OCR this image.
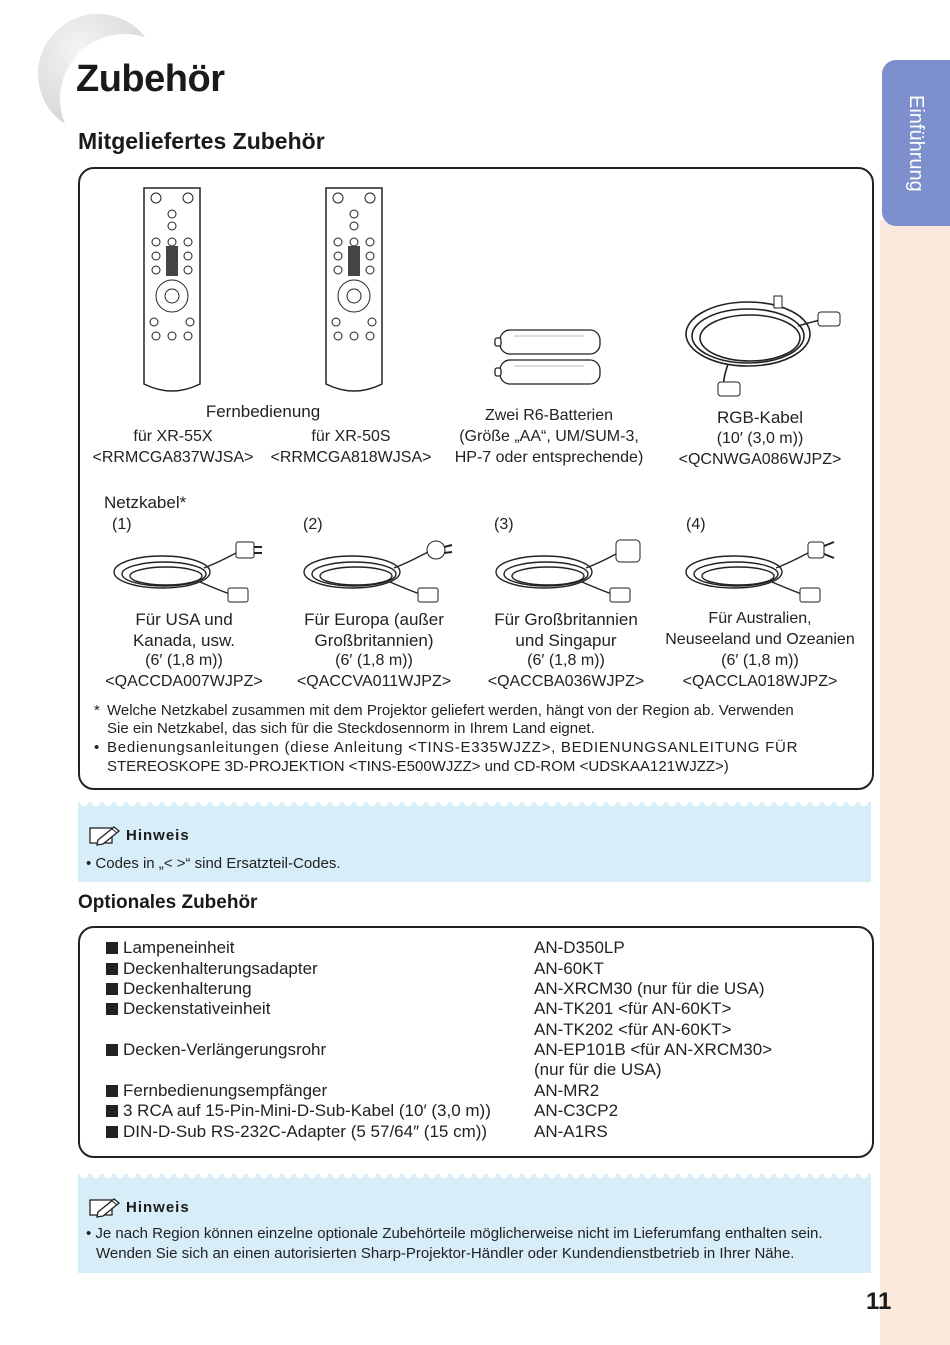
Zubehör
Mitgeliefertes Zubehör	Einführung
Fernbedienung
für XR-55X
<RRMCGA837WJSA>
für XR-50S
<RRMCGA818WJSA>
Zwei R6-Batterien
(Größe „AA“, UM/SUM-3,
HP-7 oder entsprechende)
RGB-Kabel
(10′ (3,0 m))
<QCNWGA086WJPZ>
Netzkabel*
(1)	(2)	(3)	(4)
Für USA und
Kanada, usw.
(6′ (1,8 m))
<QACCDA007WJPZ>
Für Europa (außer
Großbritannien)
(6′ (1,8 m))
<QACCVA011WJPZ>
Für Großbritannien
und Singapur
(6′ (1,8 m))
<QACCBA036WJPZ>
Für Australien,
Neuseeland und Ozeanien
(6′ (1,8 m))
<QACCLA018WJPZ>
* Welche Netzkabel zusammen mit dem Projektor geliefert werden, hängt von der Region ab. Verwenden
Sie ein Netzkabel, das sich für die Steckdosennorm in Ihrem Land eignet.
• Bedienungsanleitungen (diese Anleitung <TINS-E335WJZZ>, BEDIENUNGSANLEITUNG FÜR
STEREOSKOPE 3D-PROJEKTION <TINS-E500WJZZ> und CD-ROM <UDSKAA121WJZZ>)
Hinweis
• Codes in „< >“ sind Ersatzteil-Codes.
Optionales Zubehör
Lampeneinheit	AN-D350LP
Deckenhalterungsadapter	AN-60KT
Deckenhalterung	AN-XRCM30 (nur für die USA)
Deckenstativeinheit	AN-TK201 <für AN-60KT>
AN-TK202 <für AN-60KT>
Decken-Verlängerungsrohr	AN-EP101B <für AN-XRCM30>
(nur für die USA)
Fernbedienungsempfänger	AN-MR2
3 RCA auf 15-Pin-Mini-D-Sub-Kabel (10′ (3,0 m))	AN-C3CP2
DIN-D-Sub RS-232C-Adapter (5 57/64″ (15 cm))	AN-A1RS
Hinweis
• Je nach Region können einzelne optionale Zubehörteile möglicherweise nicht im Lieferumfang enthalten sein.
Wenden Sie sich an einen autorisierten Sharp-Projektor-Händler oder Kundendienstbetrieb in Ihrer Nähe.
11
